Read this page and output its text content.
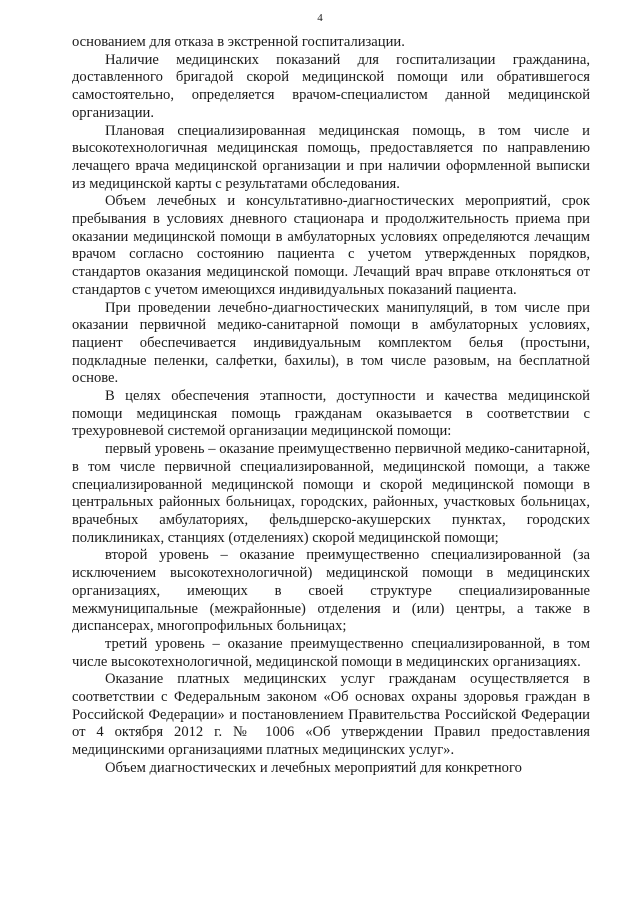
4

основанием для отказа в экстренной госпитализации.

Наличие медицинских показаний для госпитализации гражданина, доставленного бригадой скорой медицинской помощи или обратившегося самостоятельно, определяется врачом-специалистом данной медицинской организации.

Плановая специализированная медицинская помощь, в том числе и высокотехнологичная медицинская помощь, предоставляется по направлению лечащего врача медицинской организации и при наличии оформленной выписки из медицинской карты с результатами обследования.

Объем лечебных и консультативно-диагностических мероприятий, срок пребывания в условиях дневного стационара и продолжительность приема при оказании медицинской помощи в амбулаторных условиях определяются лечащим врачом согласно состоянию пациента с учетом утвержденных порядков, стандартов оказания медицинской помощи. Лечащий врач вправе отклоняться от стандартов с учетом имеющихся индивидуальных показаний пациента.

При проведении лечебно-диагностических манипуляций, в том числе при оказании первичной медико-санитарной помощи в амбулаторных условиях, пациент обеспечивается индивидуальным комплектом белья (простыни, подкладные пеленки, салфетки, бахилы), в том числе разовым, на бесплатной основе.

В целях обеспечения этапности, доступности и качества медицинской помощи медицинская помощь гражданам оказывается в соответствии с трехуровневой системой организации медицинской помощи:

первый уровень – оказание преимущественно первичной медико-санитарной, в том числе первичной специализированной, медицинской помощи, а также специализированной медицинской помощи и скорой медицинской помощи в центральных районных больницах, городских, районных, участковых больницах, врачебных амбулаториях, фельдшерско-акушерских пунктах, городских поликлиниках, станциях (отделениях) скорой медицинской помощи;

второй уровень – оказание преимущественно специализированной (за исключением высокотехнологичной) медицинской помощи в медицинских организациях, имеющих в своей структуре специализированные межмуниципальные (межрайонные) отделения и (или) центры, а также в диспансерах, многопрофильных больницах;

третий уровень – оказание преимущественно специализированной, в том числе высокотехнологичной, медицинской помощи в медицинских организациях.

Оказание платных медицинских услуг гражданам осуществляется в соответствии с Федеральным законом «Об основах охраны здоровья граждан в Российской Федерации» и постановлением Правительства Российской Федерации от 4 октября 2012 г. № 1006 «Об утверждении Правил предоставления медицинскими организациями платных медицинских услуг».

Объем диагностических и лечебных мероприятий для конкретного
